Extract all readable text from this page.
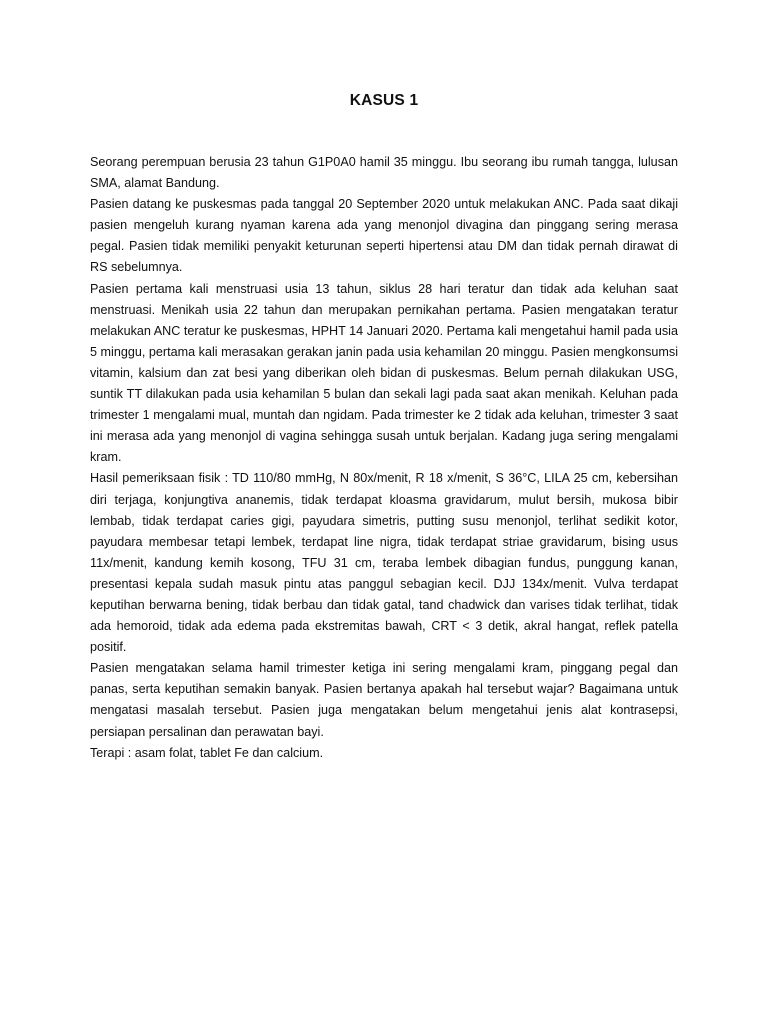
KASUS 1

Seorang perempuan berusia 23 tahun G1P0A0 hamil 35 minggu. Ibu seorang ibu rumah tangga, lulusan SMA, alamat Bandung.

Pasien datang ke puskesmas pada tanggal 20 September 2020 untuk melakukan ANC. Pada saat dikaji pasien mengeluh kurang nyaman karena ada yang menonjol divagina dan pinggang sering merasa pegal. Pasien tidak memiliki penyakit keturunan seperti hipertensi atau DM dan tidak pernah dirawat di RS sebelumnya.

Pasien pertama kali menstruasi usia 13 tahun, siklus 28 hari teratur dan tidak ada keluhan saat menstruasi. Menikah usia 22 tahun dan merupakan pernikahan pertama. Pasien mengatakan teratur melakukan ANC teratur ke puskesmas, HPHT 14 Januari 2020. Pertama kali mengetahui hamil pada usia 5 minggu, pertama kali merasakan gerakan janin pada usia kehamilan 20 minggu. Pasien mengkonsumsi vitamin, kalsium dan zat besi yang diberikan oleh bidan di puskesmas. Belum pernah dilakukan USG, suntik TT dilakukan pada usia kehamilan 5 bulan dan sekali lagi pada saat akan menikah. Keluhan pada trimester 1 mengalami mual, muntah dan ngidam. Pada trimester ke 2 tidak ada keluhan, trimester 3 saat ini merasa ada yang menonjol di vagina sehingga susah untuk berjalan. Kadang juga sering mengalami kram.

Hasil pemeriksaan fisik : TD 110/80 mmHg, N 80x/menit, R 18 x/menit, S 36°C, LILA 25 cm, kebersihan diri terjaga, konjungtiva ananemis, tidak terdapat kloasma gravidarum, mulut bersih, mukosa bibir lembab, tidak terdapat caries gigi, payudara simetris, putting susu menonjol, terlihat sedikit kotor, payudara membesar tetapi lembek, terdapat line nigra, tidak terdapat striae gravidarum, bising usus 11x/menit, kandung kemih kosong, TFU 31 cm, teraba lembek dibagian fundus, punggung kanan, presentasi kepala sudah masuk pintu atas panggul sebagian kecil. DJJ 134x/menit. Vulva terdapat keputihan berwarna bening, tidak berbau dan tidak gatal, tand chadwick dan varises tidak terlihat, tidak ada hemoroid, tidak ada edema pada ekstremitas bawah, CRT < 3 detik, akral hangat, reflek patella positif.

Pasien mengatakan selama hamil trimester ketiga ini sering mengalami kram, pinggang pegal dan panas, serta keputihan semakin banyak. Pasien bertanya apakah hal tersebut wajar? Bagaimana untuk mengatasi masalah tersebut. Pasien juga mengatakan belum mengetahui jenis alat kontrasepsi, persiapan persalinan dan perawatan bayi.

Terapi : asam folat, tablet Fe dan calcium.
